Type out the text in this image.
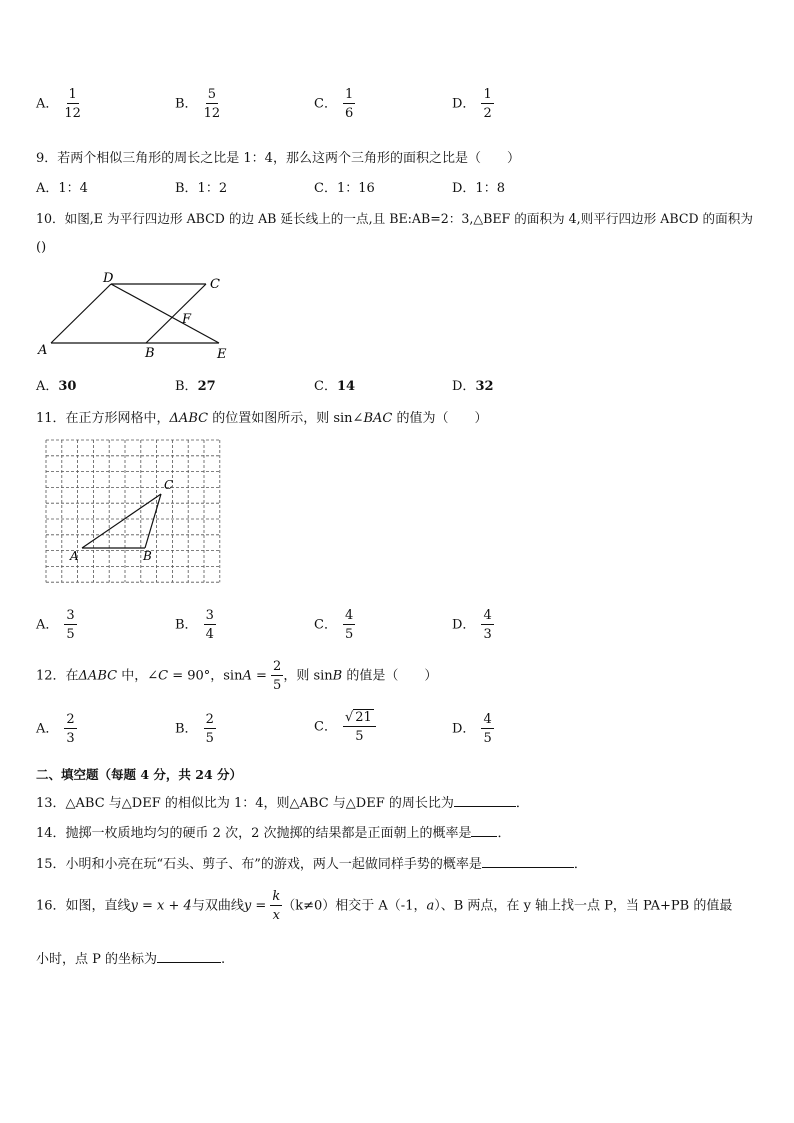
A． $\frac{1}{12}$	B． $\frac{5}{12}$	C． $\frac{1}{6}$	D． $\frac{1}{2}$
9．若两个相似三角形的周长之比是 1：4，那么这两个三角形的面积之比是（　　）
A．1：4	B．1：2	C．1：16	D．1：8
10．如图,E 为平行四边形 ABCD 的边 AB 延长线上的一点,且 BE:AB=2：3,△BEF 的面积为 4,则平行四边形 ABCD 的面积为
()
A	B
C
D
E
F
A．30	B．27	C．14	D．32
11．在正方形网格中，ΔABC 的位置如图所示，则 sin∠BAC 的值为（　　）
A	B
C
A． $\frac{3}{5}$	B． $\frac{3}{4}$	C． $\frac{4}{5}$	D． $\frac{4}{3}$
12．在ΔABC 中，∠C = 90°，$\sin A = \frac{2}{5}$ ，则 sinB 的值是（　　）
A． $\frac{2}{3}$	B． $\frac{2}{5}$	C． $\frac{√ 21}{5}$	D． $\frac{4}{5}$
二、填空题（每题 4 分，共 24 分）
13．△ABC 与△DEF 的相似比为 1：4，则△ABC 与△DEF 的周长比为	．
14．抛掷一枚质地均匀的硬币 2 次，2 次抛掷的结果都是正面朝上的概率是 ．
15．小明和小亮在玩“石头、剪子、布”的游戏，两人一起做同样手势的概率是	．
16．如图，直线y = x + 4与双曲线$y = \frac{k}{x} (k\ne 0)$相交于 A（-1，a）、B 两点，在 y 轴上找一点 P，当 PA+PB 的值最
小时，点 P 的坐标为	.
